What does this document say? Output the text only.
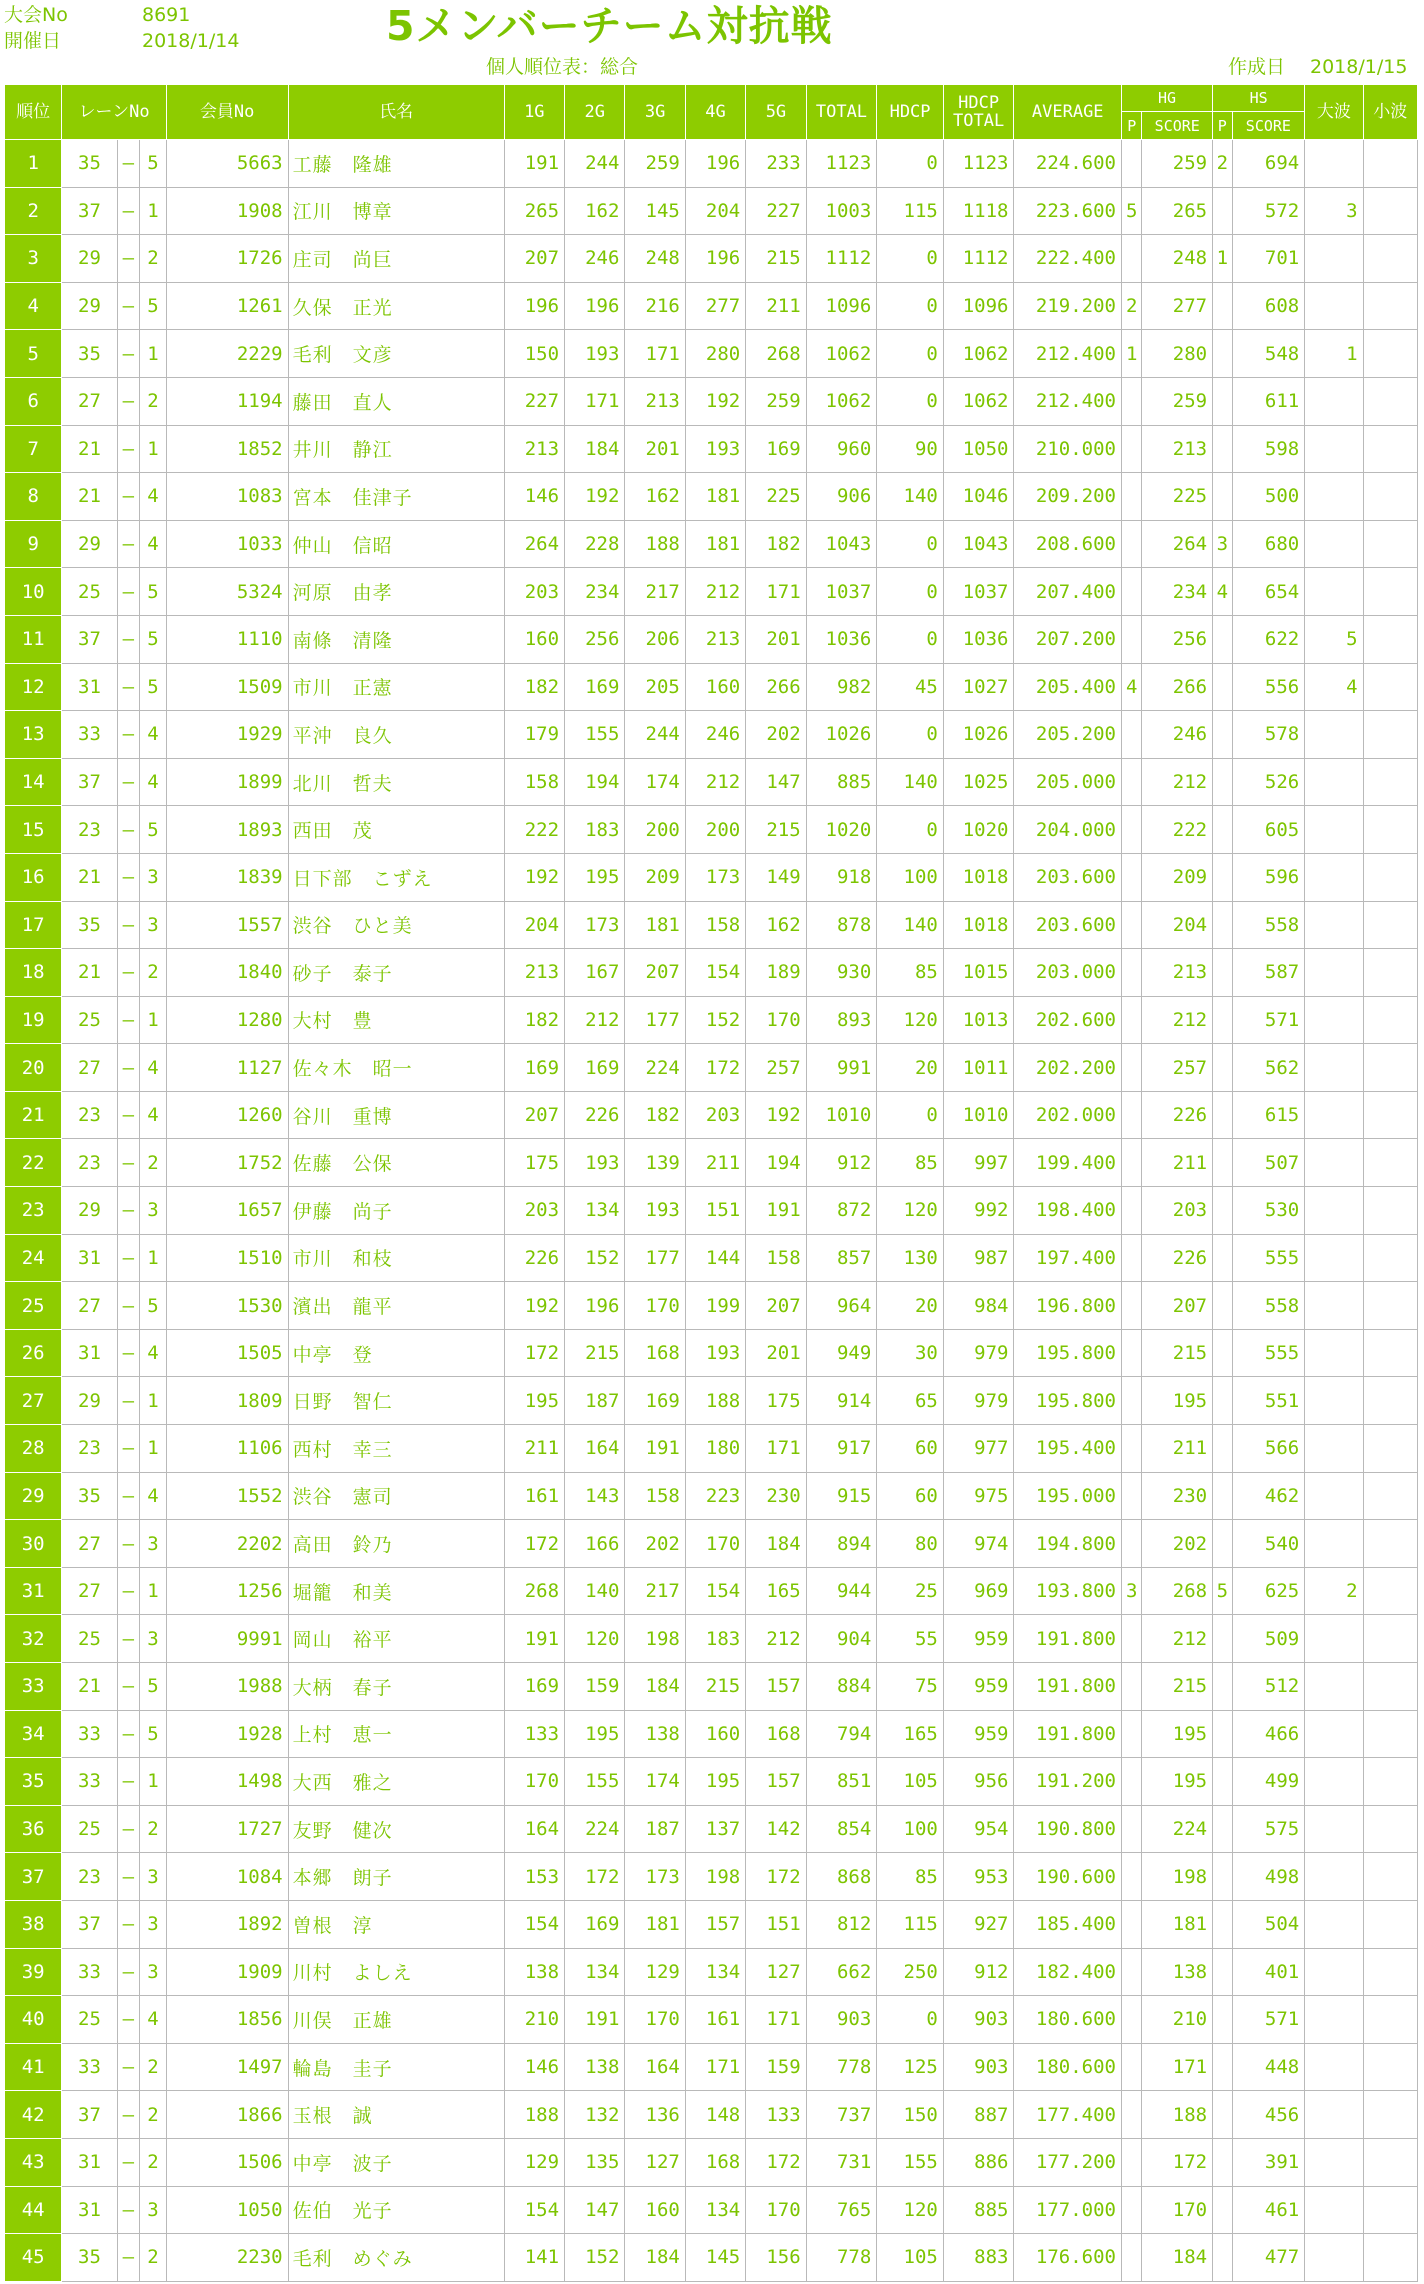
大会No	8691
開催日	2018/1/14	5メンバーチーム対抗戦
個人順位表：総合	作成日 2018/1/15
順位	レーンNo			会員No	氏名	1G	2G	3G	4G	5G	TOTAL	HDCP	HDCP
TOTAL	AVERAGE	HG		HS		大波	小波
															P	SCORE	P	SCORE		
1	35	–	5	5663	工藤　隆雄	191	244	259	196	233	1123	0	1123	224.600		259	2	694		
2	37	–	1	1908	江川　博章	265	162	145	204	227	1003	115	1118	223.600	5	265		572	3	
3	29	–	2	1726	庄司　尚巨	207	246	248	196	215	1112	0	1112	222.400		248	1	701		
4	29	–	5	1261	久保　正光	196	196	216	277	211	1096	0	1096	219.200	2	277		608		
5	35	–	1	2229	毛利　文彦	150	193	171	280	268	1062	0	1062	212.400	1	280		548	1	
6	27	–	2	1194	藤田　直人	227	171	213	192	259	1062	0	1062	212.400		259		611		
7	21	–	1	1852	井川　静江	213	184	201	193	169	960	90	1050	210.000		213		598		
8	21	–	4	1083	宮本　佳津子	146	192	162	181	225	906	140	1046	209.200		225		500		
9	29	–	4	1033	仲山　信昭	264	228	188	181	182	1043	0	1043	208.600		264	3	680		
10	25	–	5	5324	河原　由孝	203	234	217	212	171	1037	0	1037	207.400		234	4	654		
11	37	–	5	1110	南條　清隆	160	256	206	213	201	1036	0	1036	207.200		256		622	5	
12	31	–	5	1509	市川　正憲	182	169	205	160	266	982	45	1027	205.400	4	266		556	4	
13	33	–	4	1929	平沖　良久	179	155	244	246	202	1026	0	1026	205.200		246		578		
14	37	–	4	1899	北川　哲夫	158	194	174	212	147	885	140	1025	205.000		212		526		
15	23	–	5	1893	西田　茂	222	183	200	200	215	1020	0	1020	204.000		222		605		
16	21	–	3	1839	日下部　こずえ	192	195	209	173	149	918	100	1018	203.600		209		596		
17	35	–	3	1557	渋谷　ひと美	204	173	181	158	162	878	140	1018	203.600		204		558		
18	21	–	2	1840	砂子　泰子	213	167	207	154	189	930	85	1015	203.000		213		587		
19	25	–	1	1280	大村　豊	182	212	177	152	170	893	120	1013	202.600		212		571		
20	27	–	4	1127	佐々木　昭一	169	169	224	172	257	991	20	1011	202.200		257		562		
21	23	–	4	1260	谷川　重博	207	226	182	203	192	1010	0	1010	202.000		226		615		
22	23	–	2	1752	佐藤　公保	175	193	139	211	194	912	85	997	199.400		211		507		
23	29	–	3	1657	伊藤　尚子	203	134	193	151	191	872	120	992	198.400		203		530		
24	31	–	1	1510	市川　和枝	226	152	177	144	158	857	130	987	197.400		226		555		
25	27	–	5	1530	濱出　龍平	192	196	170	199	207	964	20	984	196.800		207		558		
26	31	–	4	1505	中亭　登	172	215	168	193	201	949	30	979	195.800		215		555		
27	29	–	1	1809	日野　智仁	195	187	169	188	175	914	65	979	195.800		195		551		
28	23	–	1	1106	西村　幸三	211	164	191	180	171	917	60	977	195.400		211		566		
29	35	–	4	1552	渋谷　憲司	161	143	158	223	230	915	60	975	195.000		230		462		
30	27	–	3	2202	高田　鈴乃	172	166	202	170	184	894	80	974	194.800		202		540		
31	27	–	1	1256	堀籠　和美	268	140	217	154	165	944	25	969	193.800	3	268	5	625	2	
32	25	–	3	9991	岡山　裕平	191	120	198	183	212	904	55	959	191.800		212		509		
33	21	–	5	1988	大柄　春子	169	159	184	215	157	884	75	959	191.800		215		512		
34	33	–	5	1928	上村　恵一	133	195	138	160	168	794	165	959	191.800		195		466		
35	33	–	1	1498	大西　雅之	170	155	174	195	157	851	105	956	191.200		195		499		
36	25	–	2	1727	友野　健次	164	224	187	137	142	854	100	954	190.800		224		575		
37	23	–	3	1084	本郷　朗子	153	172	173	198	172	868	85	953	190.600		198		498		
38	37	–	3	1892	曽根　淳	154	169	181	157	151	812	115	927	185.400		181		504		
39	33	–	3	1909	川村　よしえ	138	134	129	134	127	662	250	912	182.400		138		401		
40	25	–	4	1856	川俣　正雄	210	191	170	161	171	903	0	903	180.600		210		571		
41	33	–	2	1497	輪島　圭子	146	138	164	171	159	778	125	903	180.600		171		448		
42	37	–	2	1866	玉根　誠	188	132	136	148	133	737	150	887	177.400		188		456		
43	31	–	2	1506	中亭　波子	129	135	127	168	172	731	155	886	177.200		172		391		
44	31	–	3	1050	佐伯　光子	154	147	160	134	170	765	120	885	177.000		170		461		
45	35	–	2	2230	毛利　めぐみ	141	152	184	145	156	778	105	883	176.600		184		477		
